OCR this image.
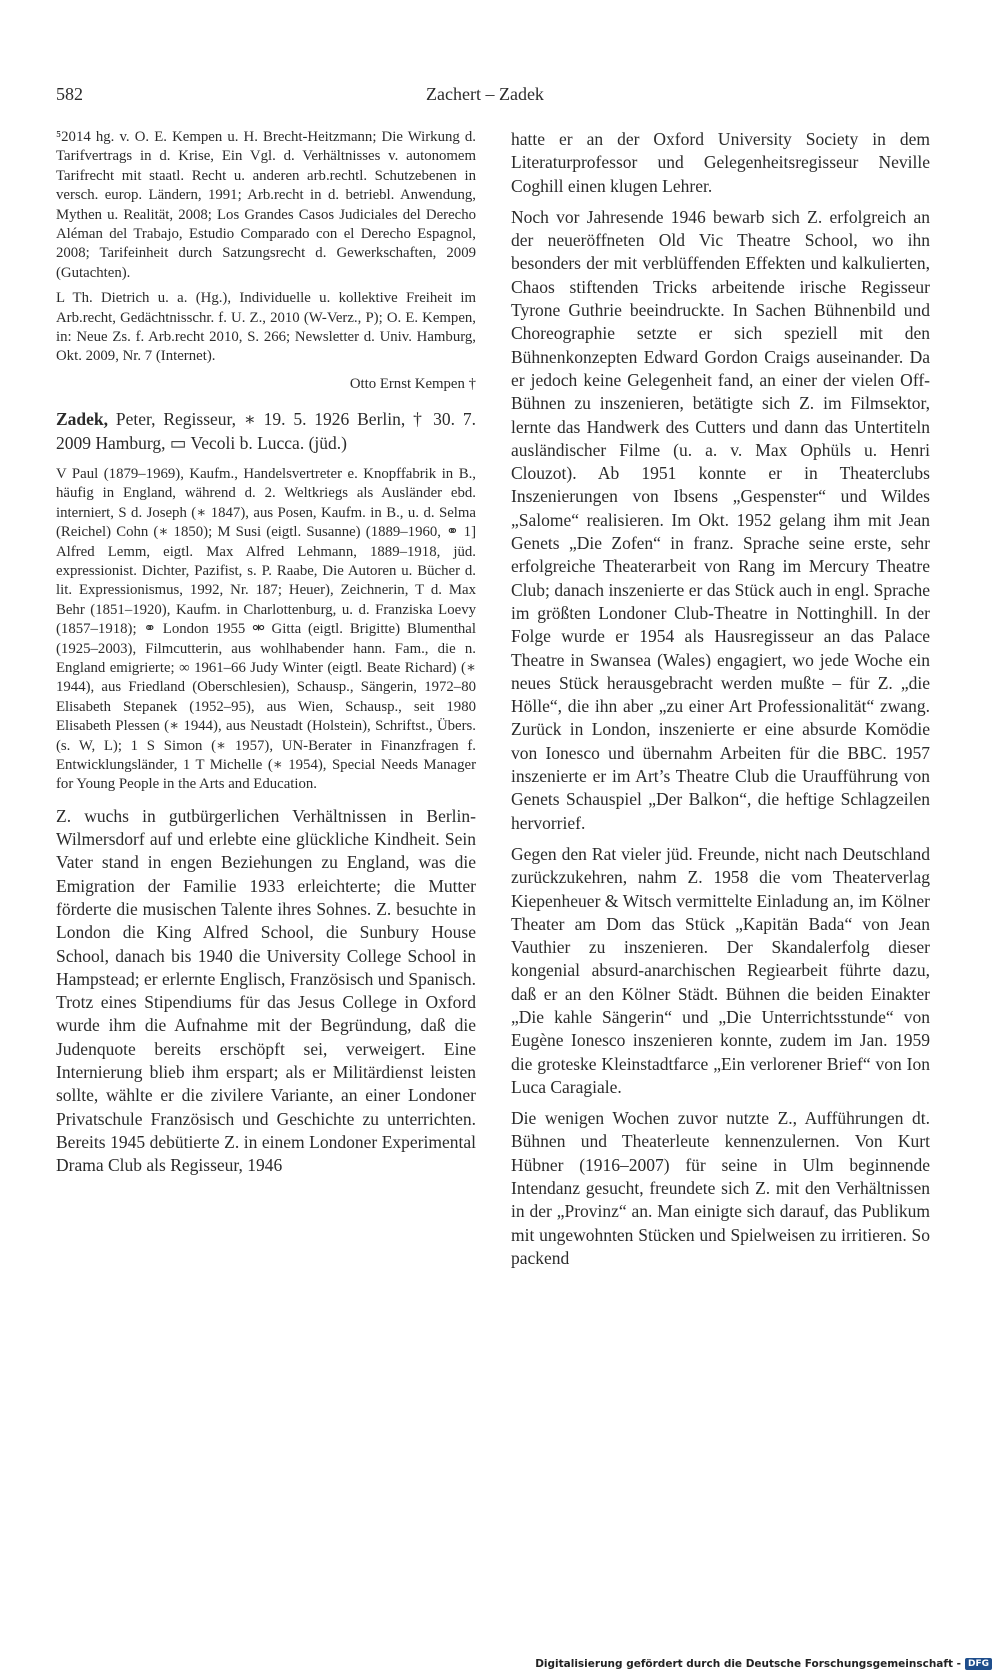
582	Zachert – Zadek

⁵2014 hg. v. O. E. Kempen u. H. Brecht-Heitzmann; Die Wirkung d. Tarifvertrags in d. Krise, Ein Vgl. d. Verhältnisses v. autonomem Tarifrecht mit staatl. Recht u. anderen arb.rechtl. Schutzebenen in versch. europ. Ländern, 1991; Arb.recht in d. betriebl. Anwendung, Mythen u. Realität, 2008; Los Grandes Casos Judiciales del Derecho Aléman del Trabajo, Estudio Comparado con el Derecho Espagnol, 2008; Tarifeinheit durch Satzungsrecht d. Gewerkschaften, 2009 (Gutachten).

L Th. Dietrich u. a. (Hg.), Individuelle u. kollektive Freiheit im Arb.recht, Gedächtnisschr. f. U. Z., 2010 (W-Verz., P); O. E. Kempen, in: Neue Zs. f. Arb.recht 2010, S. 266; Newsletter d. Univ. Hamburg, Okt. 2009, Nr. 7 (Internet).

Otto Ernst Kempen †

Zadek, Peter, Regisseur, ∗ 19. 5. 1926 Berlin, † 30. 7. 2009 Hamburg, ▭ Vecoli b. Lucca. (jüd.)

V Paul (1879–1969), Kaufm., Handelsvertreter e. Knopffabrik in B., häufig in England, während d. 2. Weltkriegs als Ausländer ebd. interniert, S d. Joseph (∗ 1847), aus Posen, Kaufm. in B., u. d. Selma (Reichel) Cohn (∗ 1850); M Susi (eigtl. Susanne) (1889–1960, ⚭ 1] Alfred Lemm, eigtl. Max Alfred Lehmann, 1889–1918, jüd. expressionist. Dichter, Pazifist, s. P. Raabe, Die Autoren u. Bücher d. lit. Expressionismus, 1992, Nr. 187; Heuer), Zeichnerin, T d. Max Behr (1851–1920), Kaufm. in Charlottenburg, u. d. Franziska Loevy (1857–1918); ⚭ London 1955 ⚮ Gitta (eigtl. Brigitte) Blumenthal (1925–2003), Filmcutterin, aus wohlhabender hann. Fam., die n. England emigrierte; ∞ 1961–66 Judy Winter (eigtl. Beate Richard) (∗ 1944), aus Friedland (Oberschlesien), Schausp., Sängerin, 1972–80 Elisabeth Stepanek (1952–95), aus Wien, Schausp., seit 1980 Elisabeth Plessen (∗ 1944), aus Neustadt (Holstein), Schriftst., Übers. (s. W, L); 1 S Simon (∗ 1957), UN-Berater in Finanzfragen f. Entwicklungsländer, 1 T Michelle (∗ 1954), Special Needs Manager for Young People in the Arts and Education.

Z. wuchs in gutbürgerlichen Verhältnissen in Berlin-Wilmersdorf auf und erlebte eine glückliche Kindheit. Sein Vater stand in engen Beziehungen zu England, was die Emigration der Familie 1933 erleichterte; die Mutter förderte die musischen Talente ihres Sohnes. Z. besuchte in London die King Alfred School, die Sunbury House School, danach bis 1940 die University College School in Hampstead; er erlernte Englisch, Französisch und Spanisch. Trotz eines Stipendiums für das Jesus College in Oxford wurde ihm die Aufnahme mit der Begründung, daß die Judenquote bereits erschöpft sei, verweigert. Eine Internierung blieb ihm erspart; als er Militärdienst leisten sollte, wählte er die zivilere Variante, an einer Londoner Privatschule Französisch und Geschichte zu unterrichten. Bereits 1945 debütierte Z. in einem Londoner Experimental Drama Club als Regisseur, 1946

hatte er an der Oxford University Society in dem Literaturprofessor und Gelegenheitsregisseur Neville Coghill einen klugen Lehrer.

Noch vor Jahresende 1946 bewarb sich Z. erfolgreich an der neueröffneten Old Vic Theatre School, wo ihn besonders der mit verblüffenden Effekten und kalkulierten, Chaos stiftenden Tricks arbeitende irische Regisseur Tyrone Guthrie beeindruckte. In Sachen Bühnenbild und Choreographie setzte er sich speziell mit den Bühnenkonzepten Edward Gordon Craigs auseinander. Da er jedoch keine Gelegenheit fand, an einer der vielen Off-Bühnen zu inszenieren, betätigte sich Z. im Filmsektor, lernte das Handwerk des Cutters und dann das Untertiteln ausländischer Filme (u. a. v. Max Ophüls u. Henri Clouzot). Ab 1951 konnte er in Theaterclubs Inszenierungen von Ibsens „Gespenster“ und Wildes „Salome“ realisieren. Im Okt. 1952 gelang ihm mit Jean Genets „Die Zofen“ in franz. Sprache seine erste, sehr erfolgreiche Theaterarbeit von Rang im Mercury Theatre Club; danach inszenierte er das Stück auch in engl. Sprache im größten Londoner Club-Theatre in Nottinghill. In der Folge wurde er 1954 als Hausregisseur an das Palace Theatre in Swansea (Wales) engagiert, wo jede Woche ein neues Stück herausgebracht werden mußte – für Z. „die Hölle“, die ihn aber „zu einer Art Professionalität“ zwang. Zurück in London, inszenierte er eine absurde Komödie von Ionesco und übernahm Arbeiten für die BBC. 1957 inszenierte er im Art’s Theatre Club die Uraufführung von Genets Schauspiel „Der Balkon“, die heftige Schlagzeilen hervorrief.

Gegen den Rat vieler jüd. Freunde, nicht nach Deutschland zurückzukehren, nahm Z. 1958 die vom Theaterverlag Kiepenheuer & Witsch vermittelte Einladung an, im Kölner Theater am Dom das Stück „Kapitän Bada“ von Jean Vauthier zu inszenieren. Der Skandalerfolg dieser kongenial absurd-anarchischen Regiearbeit führte dazu, daß er an den Kölner Städt. Bühnen die beiden Einakter „Die kahle Sängerin“ und „Die Unterrichtsstunde“ von Eugène Ionesco inszenieren konnte, zudem im Jan. 1959 die groteske Kleinstadtfarce „Ein verlorener Brief“ von Ion Luca Caragiale.

Die wenigen Wochen zuvor nutzte Z., Aufführungen dt. Bühnen und Theaterleute kennenzulernen. Von Kurt Hübner (1916–2007) für seine in Ulm beginnende Intendanz gesucht, freundete sich Z. mit den Verhältnissen in der „Provinz“ an. Man einigte sich darauf, das Publikum mit ungewohnten Stücken und Spielweisen zu irritieren. So packend

Digitalisierung gefördert durch die Deutsche Forschungsgemeinschaft - DFG
